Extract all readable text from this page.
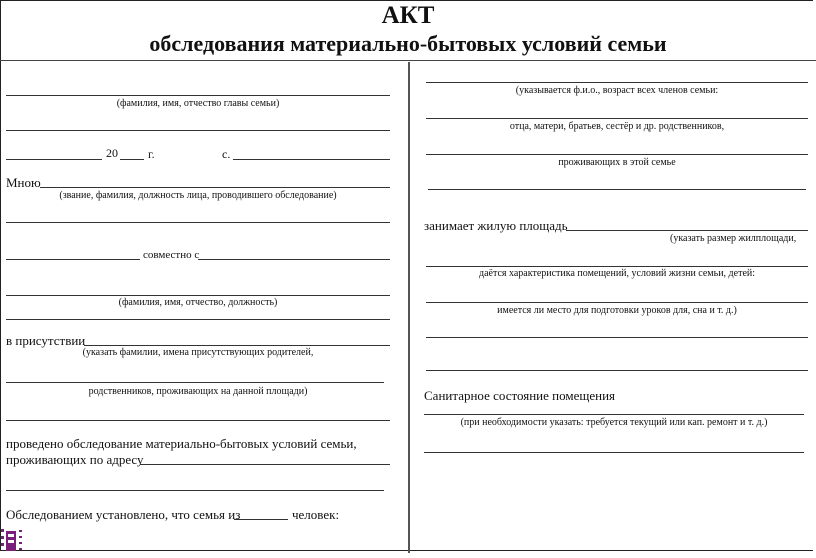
АКТ
обследования материально-бытовых условий семьи
(фамилия, имя, отчество главы семьи)
20	г.	с.
Мною
(звание, фамилия, должность лица, проводившего обследование)
совместно с
(фамилия, имя, отчество, должность)
в присутствии
(указать фамилии, имена присутствующих родителей,
родственников, проживающих на данной площади)
проведено обследование материально-бытовых условий семьи,
проживающих по адресу
Обследованием установлено, что семья из	человек:
(указывается ф.и.о., возраст всех членов семьи:
отца, матери, братьев, сестёр и др. родственников,
проживающих в этой семье
занимает жилую площадь
(указать размер жилплощади,
даётся характеристика помещений, условий жизни семьи, детей:
имеется ли место для подготовки уроков для, сна и т. д.)
Санитарное состояние помещения
(при необходимости указать: требуется текущий или кап. ремонт и т. д.)
